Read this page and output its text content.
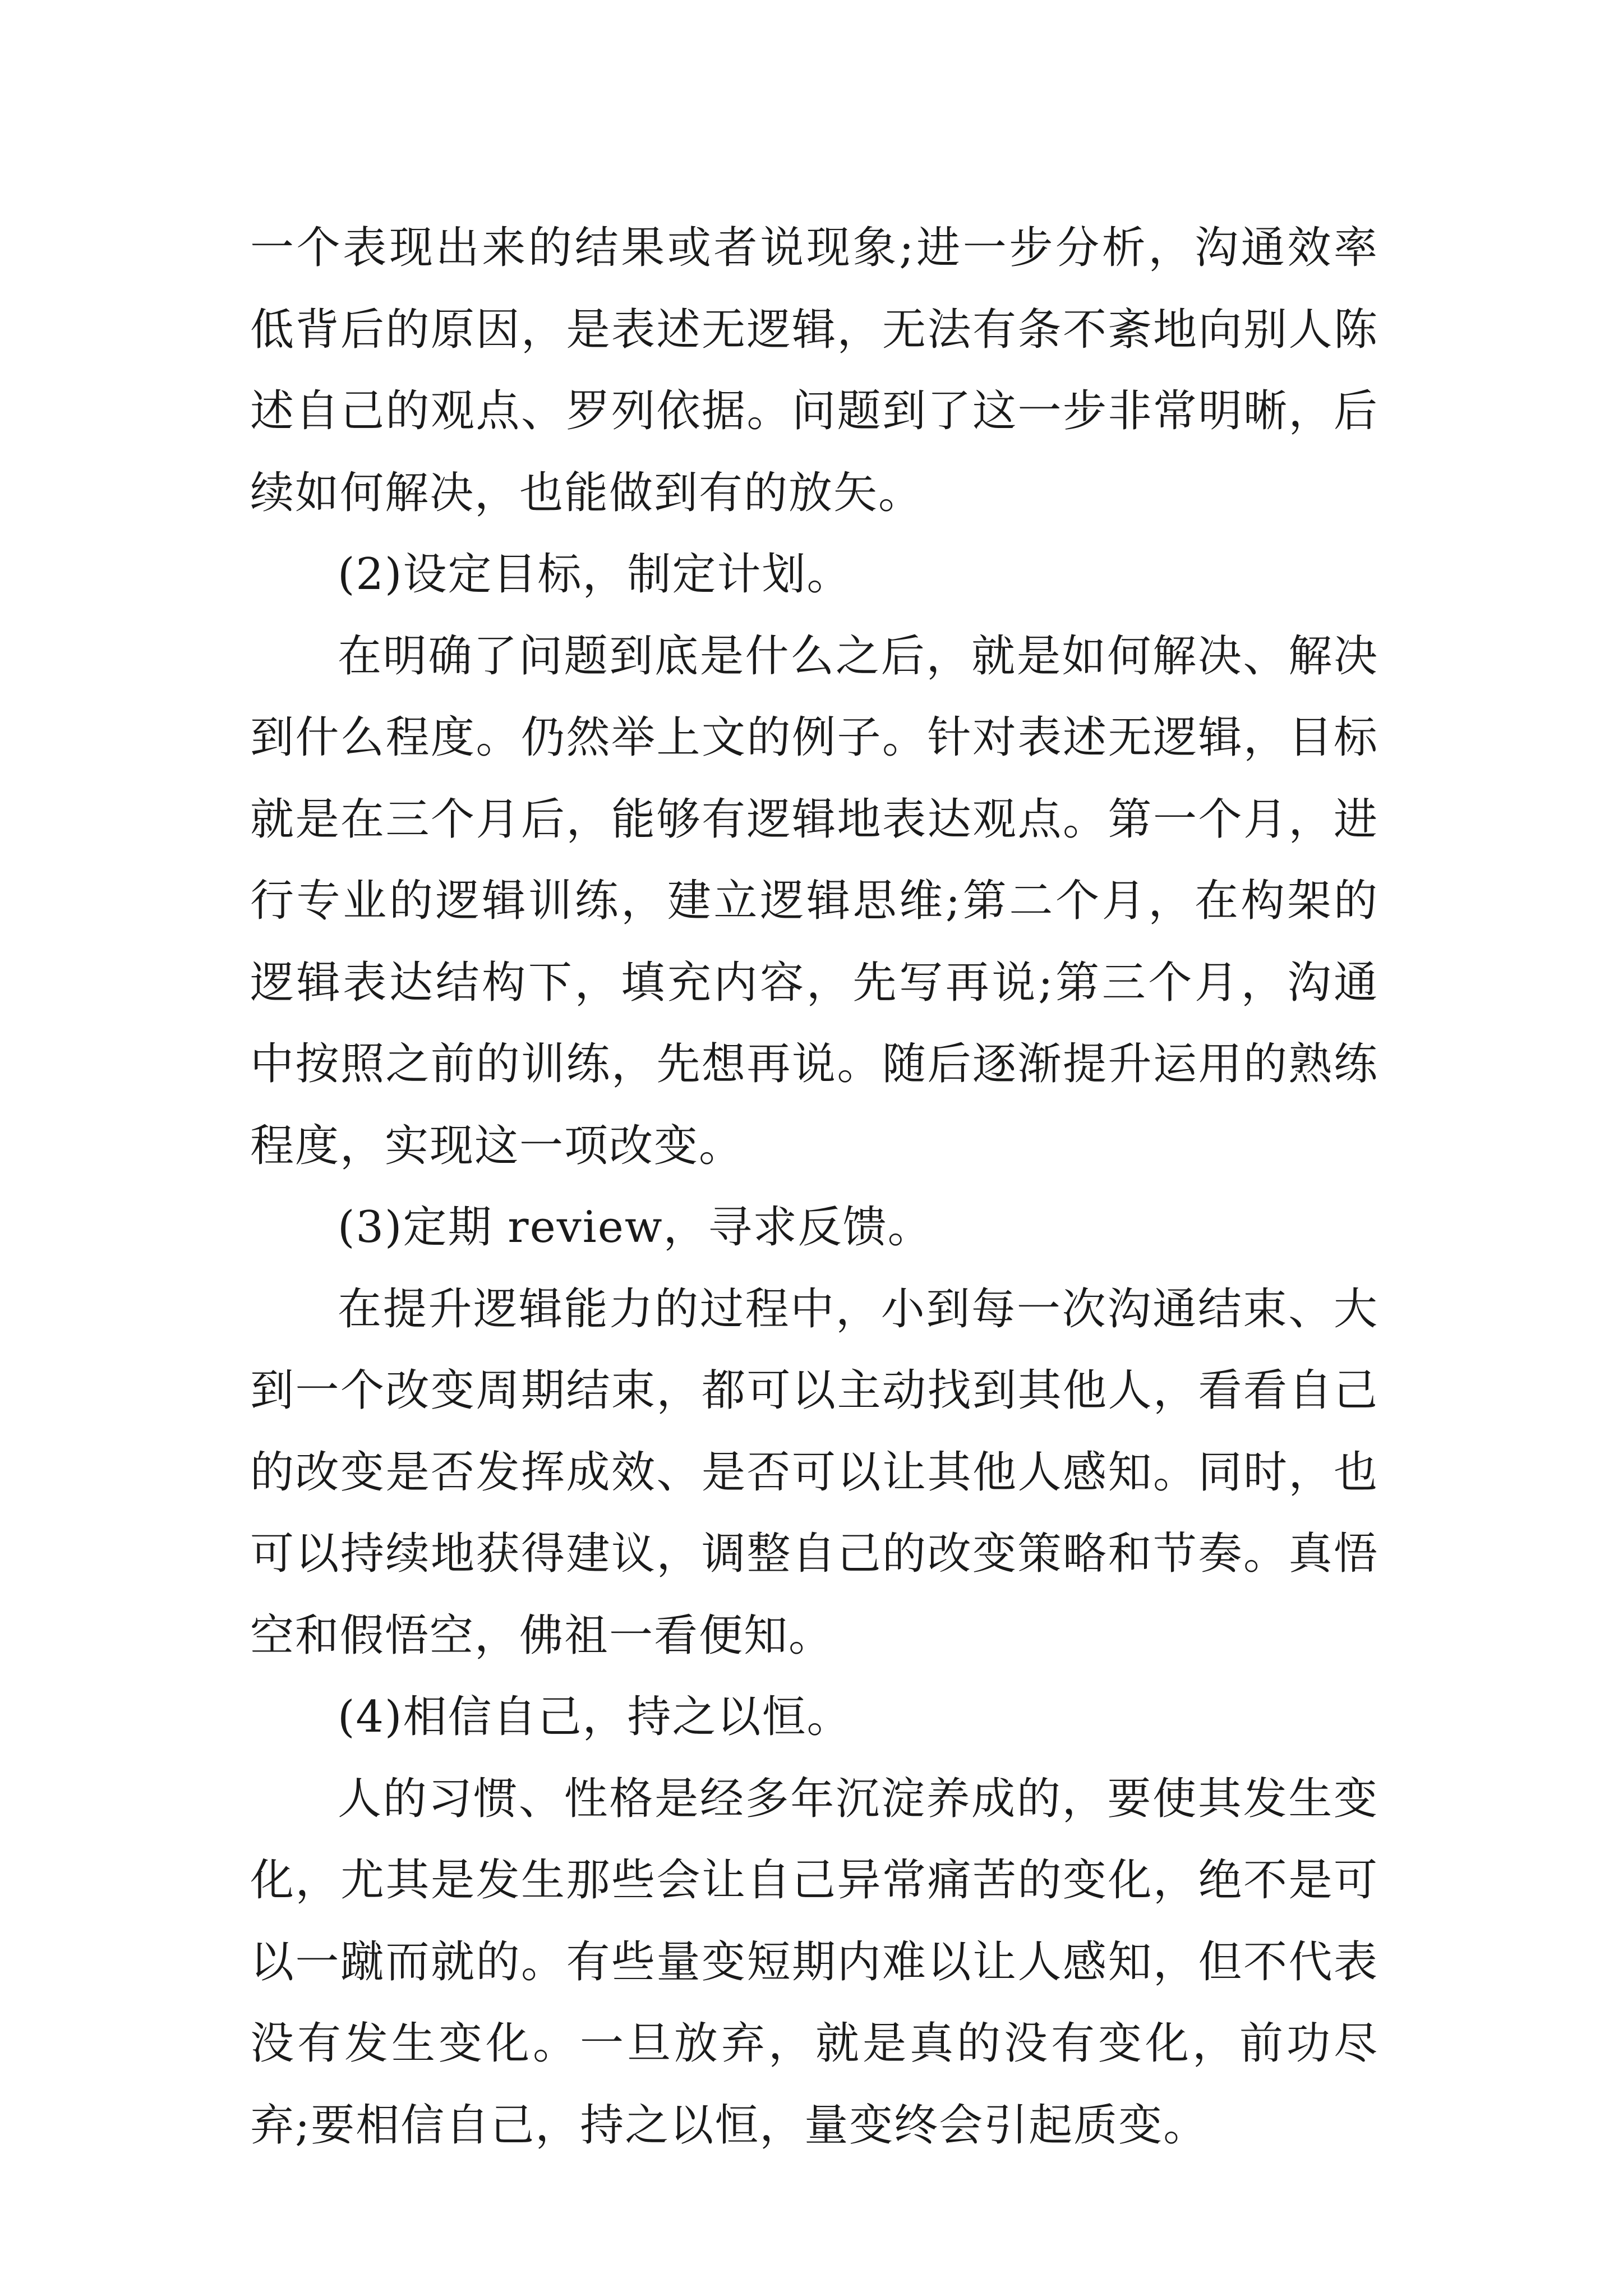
一个表现出来的结果或者说现象;进一步分析，沟通效率低背后的原因，是表述无逻辑，无法有条不紊地向别人陈述自己的观点、罗列依据。问题到了这一步非常明晰，后续如何解决，也能做到有的放矢。

(2)设定目标，制定计划。

在明确了问题到底是什么之后，就是如何解决、解决到什么程度。仍然举上文的例子。针对表述无逻辑，目标就是在三个月后，能够有逻辑地表达观点。第一个月，进行专业的逻辑训练，建立逻辑思维;第二个月，在构架的逻辑表达结构下，填充内容，先写再说;第三个月，沟通中按照之前的训练，先想再说。随后逐渐提升运用的熟练程度，实现这一项改变。

(3)定期 review，寻求反馈。

在提升逻辑能力的过程中，小到每一次沟通结束、大到一个改变周期结束，都可以主动找到其他人，看看自己的改变是否发挥成效、是否可以让其他人感知。同时，也可以持续地获得建议，调整自己的改变策略和节奏。真悟空和假悟空，佛祖一看便知。

(4)相信自己，持之以恒。

人的习惯、性格是经多年沉淀养成的，要使其发生变化，尤其是发生那些会让自己异常痛苦的变化，绝不是可以一蹴而就的。有些量变短期内难以让人感知，但不代表没有发生变化。一旦放弃，就是真的没有变化，前功尽弃;要相信自己，持之以恒，量变终会引起质变。
